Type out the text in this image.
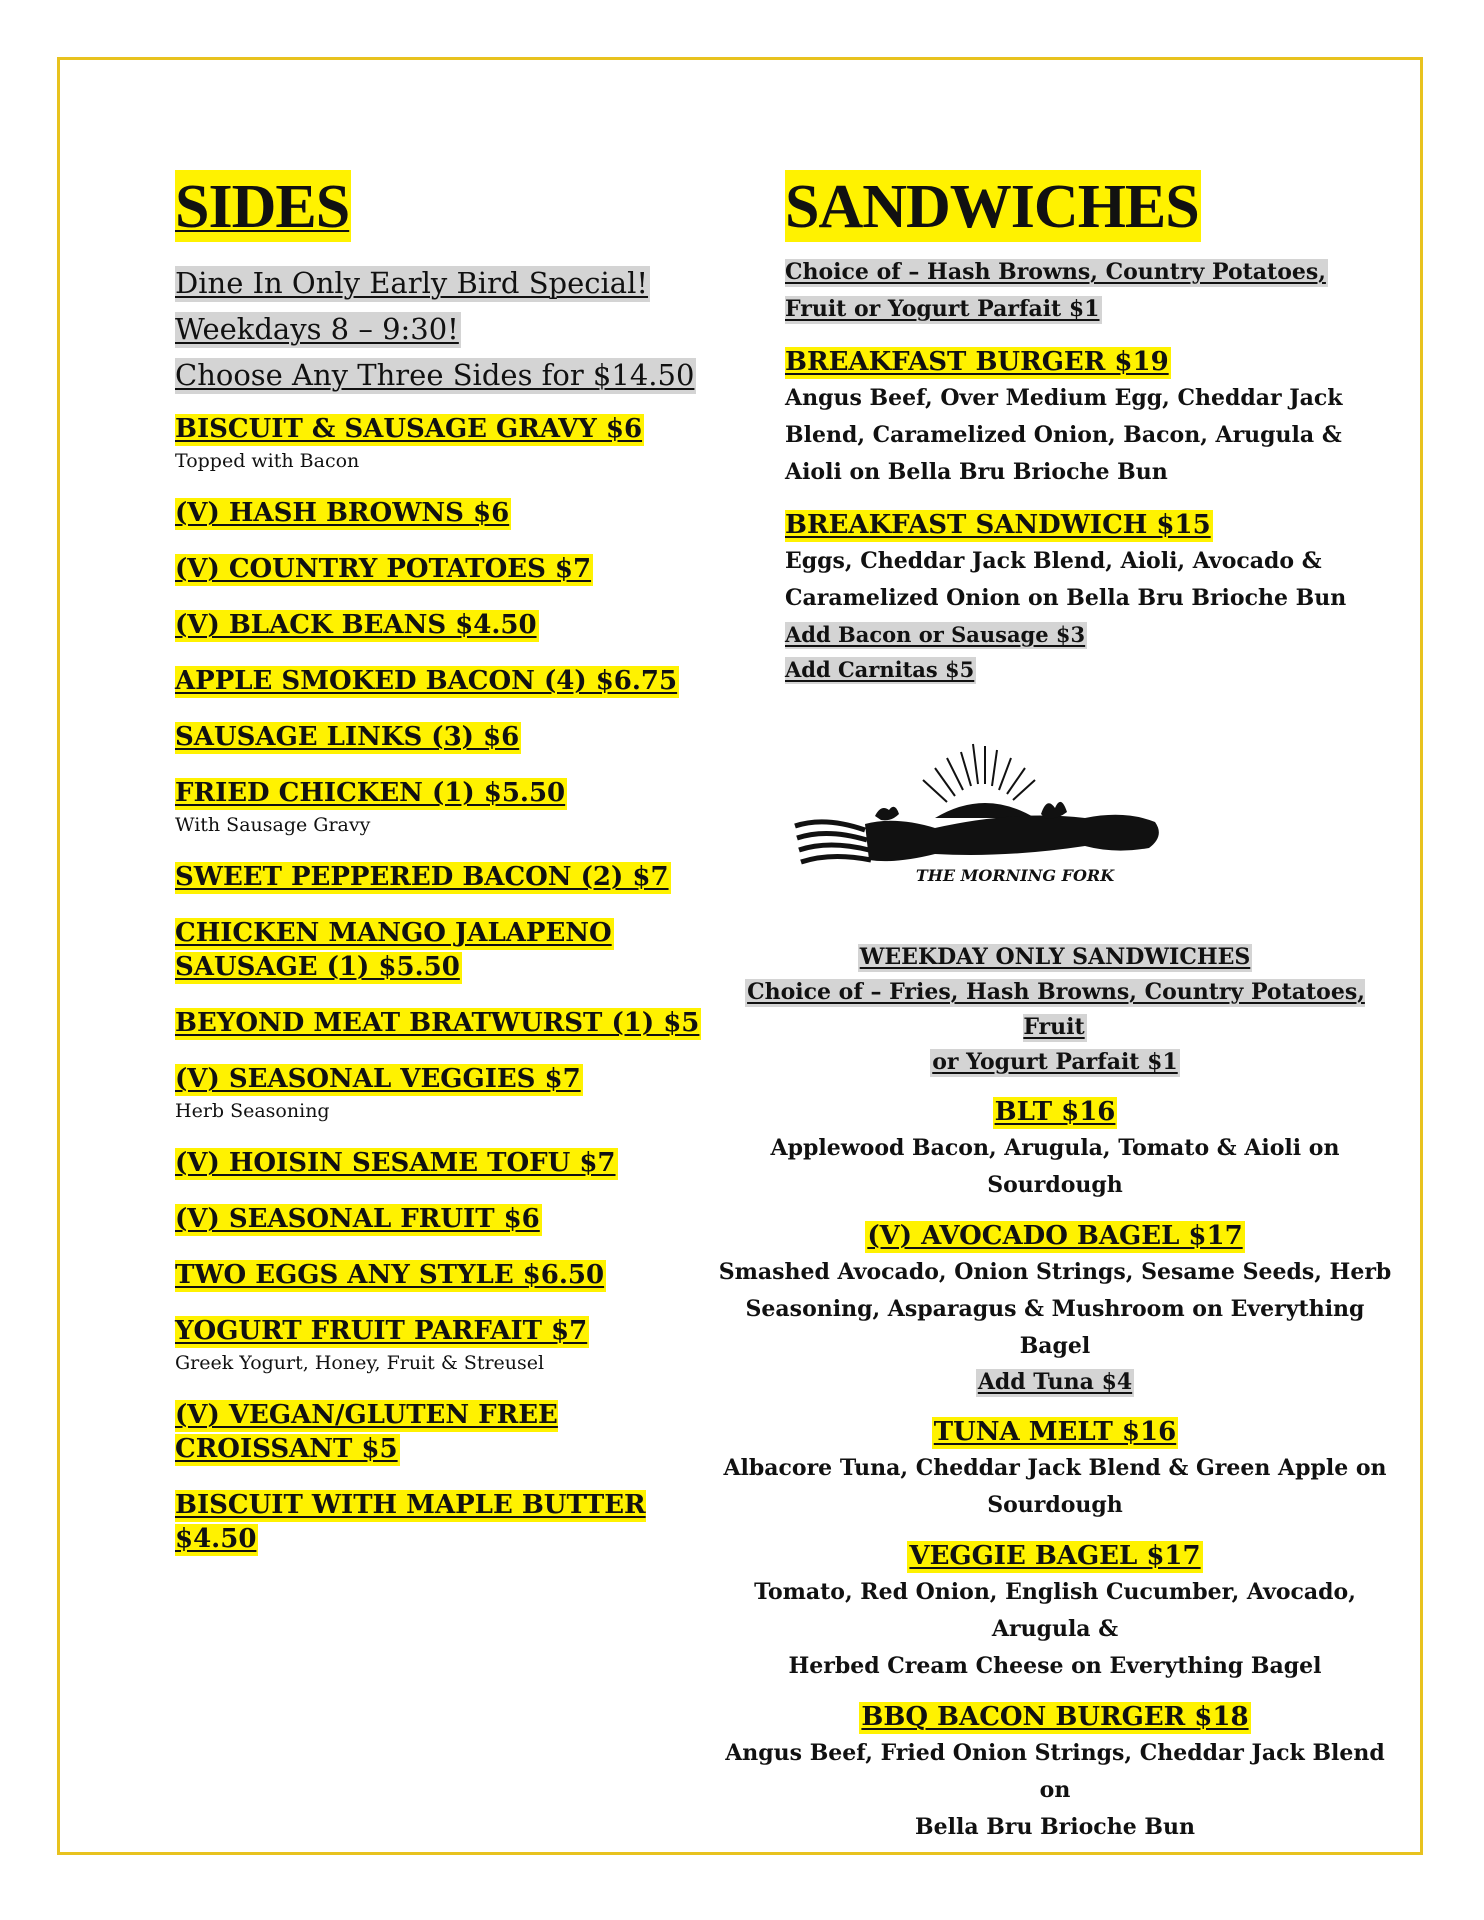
SIDES
Dine In Only Early Bird Special!
Weekdays 8 – 9:30!
Choose Any Three Sides for $14.50
BISCUIT & SAUSAGE GRAVY $6
Topped with Bacon
(V) HASH BROWNS $6
(V) COUNTRY POTATOES $7
(V) BLACK BEANS $4.50
APPLE SMOKED BACON (4) $6.75
SAUSAGE LINKS (3) $6
FRIED CHICKEN (1) $5.50
With Sausage Gravy
SWEET PEPPERED BACON (2) $7
CHICKEN MANGO JALAPENO
SAUSAGE (1) $5.50
BEYOND MEAT BRATWURST (1) $5
(V) SEASONAL VEGGIES $7
Herb Seasoning
(V) HOISIN SESAME TOFU $7
(V) SEASONAL FRUIT $6
TWO EGGS ANY STYLE $6.50
YOGURT FRUIT PARFAIT $7
Greek Yogurt, Honey, Fruit & Streusel
(V) VEGAN/GLUTEN FREE CROISSANT $5
BISCUIT WITH MAPLE BUTTER $4.50
SANDWICHES
Choice of – Hash Browns, Country Potatoes,
Fruit or Yogurt Parfait $1
BREAKFAST BURGER $19
Angus Beef, Over Medium Egg, Cheddar Jack
Blend, Caramelized Onion, Bacon, Arugula &
Aioli on Bella Bru Brioche Bun
BREAKFAST SANDWICH $15
Eggs, Cheddar Jack Blend, Aioli, Avocado &
Caramelized Onion on Bella Bru Brioche Bun
Add Bacon or Sausage $3
Add Carnitas $5
THE MORNING FORK
WEEKDAY ONLY SANDWICHES
Choice of – Fries, Hash Browns, Country Potatoes, Fruit
or Yogurt Parfait $1
BLT $16
Applewood Bacon, Arugula, Tomato & Aioli on Sourdough
(V) AVOCADO BAGEL $17
Smashed Avocado, Onion Strings, Sesame Seeds, Herb
Seasoning, Asparagus & Mushroom on Everything Bagel
Add Tuna $4
TUNA MELT $16
Albacore Tuna, Cheddar Jack Blend & Green Apple on
Sourdough
VEGGIE BAGEL $17
Tomato, Red Onion, English Cucumber, Avocado, Arugula &
Herbed Cream Cheese on Everything Bagel
BBQ BACON BURGER $18
Angus Beef, Fried Onion Strings, Cheddar Jack Blend on
Bella Bru Brioche Bun
